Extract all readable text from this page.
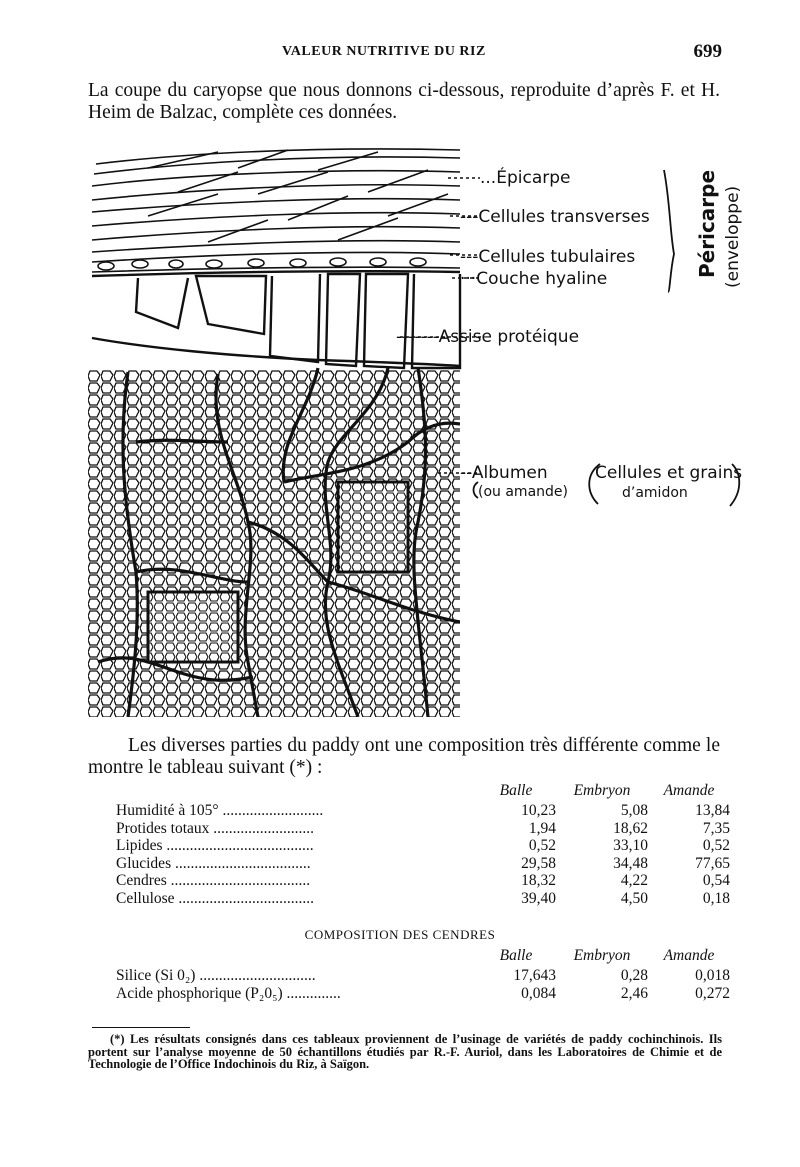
VALEUR NUTRITIVE DU RIZ	699

La coupe du caryopse que nous donnons ci-dessous, reproduite d’après F. et H. Heim de Balzac, complète ces données.

...Épicarpe
---Cellules transverses
---Cellules tubulaires
···Couche hyaline
-------Assise protéique
--Albumen
(ou amande)
Cellules et grains
d’amidon
Péricarpe (enveloppe)

Les diverses parties du paddy ont une composition très différente comme le montre le tableau suivant (*) :

	Balle	Embryon	Amande
Humidité à 105° ..........................	10,23	5,08	13,84
Protides totaux ..........................	1,94	18,62	7,35
Lipides ......................................	0,52	33,10	0,52
Glucides ...................................	29,58	34,48	77,65
Cendres ....................................	18,32	4,22	0,54
Cellulose ...................................	39,40	4,50	0,18
COMPOSITION DES CENDRES
	Balle	Embryon	Amande
Silice (Si 0₂) ..............................	17,643	0,28	0,018
Acide phosphorique (P₂0₅) ..............	0,084	2,46	0,272

(*) Les résultats consignés dans ces tableaux proviennent de l’usinage de variétés de paddy cochinchinois. Ils portent sur l’analyse moyenne de 50 échantillons étudiés par R.-F. Auriol, dans les Laboratoires de Chimie et de Technologie de l’Office Indochinois du Riz, à Saïgon.
